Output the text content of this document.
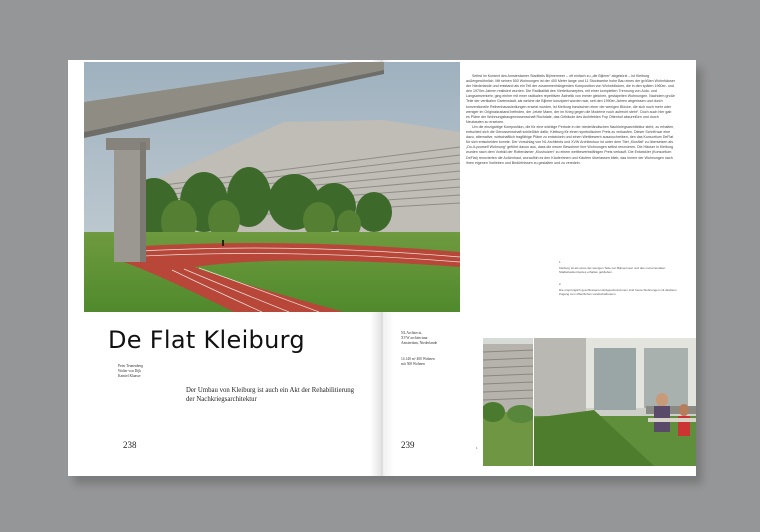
De Flat Kleiburg
Peter Teunenberg
Walter von Dijk
Kamiel Klaasse
Der Umbau von Kleiburg ist auch ein Akt der Rehabilitierung der Nachkriegsarchitektur
238
NL Architects,
XVW architectuur
Amsterdam, Niederlande
14.140 m² 400 Wohnen
mit 500 Wohnen
239

Selbst im Kontext des Amsterdamer Stadtteils Bijlmermeer – oft einfach zu „die Bijlmer“ abgekürzt – ist Kleiburg außergewöhnlich. Mit seinen 500 Wohnungen ist der 400 Meter lange und 11 Stockwerke hohe Bau eines der größten Wohnhäuser der Niederlande und entstand als ein Teil der zusammenhängenden Komposition von Wohnblöcken, die in den späten 1960er- und den 1970er-Jahren realisiert wurden. Die Radikalität des Viertelkonzeptes, mit einer kompletten Trennung von Auto- und Langsamverkehr, ging einher mit einer radikalen repetitiven Ästhetik von immer gleichen, gestapelten Wohnungen. Nachdem große Teile der vertikalen Gartenstadt, als welche die Bijlmer konzipiert worden war, seit den 1990er-Jahren abgerissen und durch konventionelle Reihenhaussiedlungen ersetzt wurden, ist Kleiburg inzwischen einer der wenigen Blöcke, die sich noch mehr oder weniger im Originalzustand befinden, der „letzte Mann, der im Krieg gegen die Moderne noch aufrecht steht“. Doch auch hier gab es Pläne der Wohnungsbaugenossenschaft Rochdale, das Gebäude des Architekten Fop Ottenhof abzureißen und durch Neubauten zu ersetzen.

Um die einzigartige Komposition, die für eine wichtige Periode in der niederländischen Nachkriegsarchitektur steht, zu erhalten, entschied sich die Genossenschaft schließlich dafür, Kleiburg für einen symbolischen Preis zu verkaufen. Dieser Schritt war eine dazu, alternative, wirtschaftlich tragfähige Pläne zu entwickeln und einen Wettbewerb auszuschreiben, den das Konsortium DeFlat für sich entscheiden konnte. Der Vorschlag von NL Architects und XVW Architectuur ist unter dem Titel „Klusflat“ zu übersetzen als „Do-it-yourself Wohnung“ geführt davon aus, dass die neuen Bewohner ihre Wohnungen selbst renovieren. Die Häuser in Kleiburg wurden nach dem Vorbild der Rotterdamer „Klushuizen“ zu einem wettbewerbsfähigen Preis verkauft. Die Entwickler (Konsortium DeFlat) renovierten die Außenhaut, woraufhin es den Käuferinnen und Käufern überlassen blieb, das Innere der Wohnungen nach ihren eigenen Vorlieben und Bedürfnissen zu gestalten und zu veredeln.

1
Kleiburg ist als eines der wenigen Teile von Bijlmermeer und des monumentalen Städtebaukonzeptes erhalten geblieben.
2
Die ursprünglich geschlossenen Erdgeschosszonen sind heute Wohnungen mit direktem Zugang zum öffentlichen Landschaftsraum.
1
